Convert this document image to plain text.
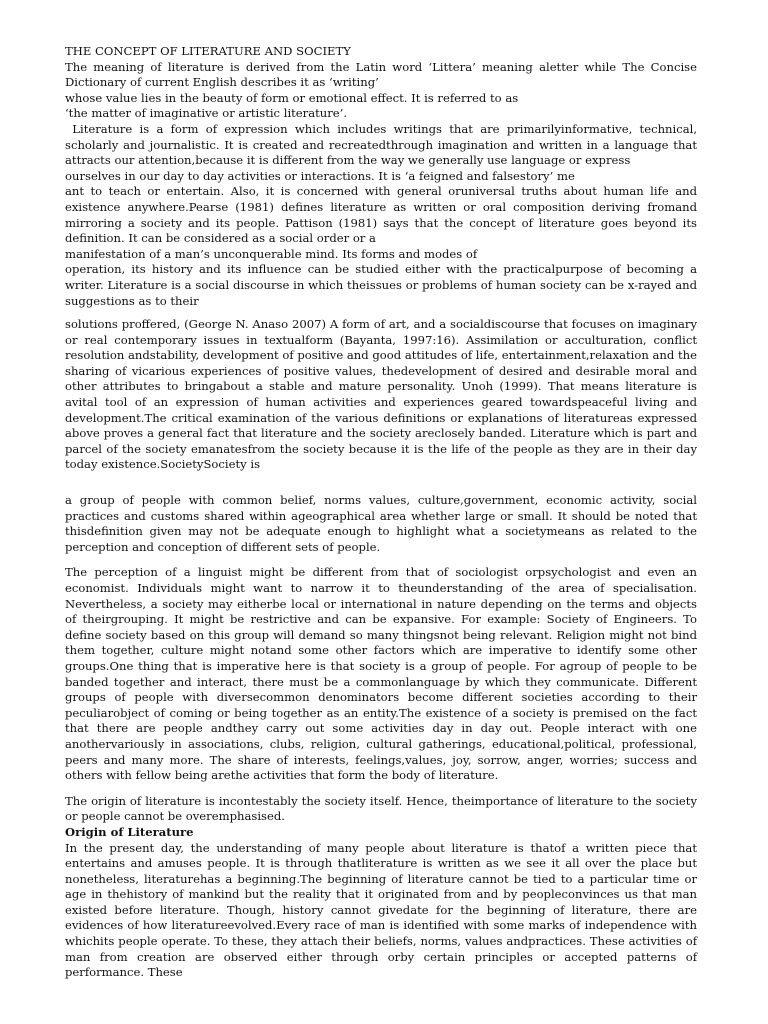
THE CONCEPT OF LITERATURE AND SOCIETY

The meaning of literature is derived from the Latin word ‘Littera’ meaning aletter while The Concise Dictionary of current English describes it as ‘writing’

whose value lies in the beauty of form or emotional effect. It is referred to as

‘the matter of imaginative or artistic literature’.

Literature is a form of expression which includes writings that are primarilyinformative, technical, scholarly and journalistic. It is created and recreatedthrough imagination and written in a language that attracts our attention,because it is different from the way we generally use language or express

ourselves in our day to day activities or interactions. It is ‘a feigned and falsestory’ me

ant to teach or entertain. Also, it is concerned with general oruniversal truths about human life and existence anywhere.Pearse (1981) defines literature as written or oral composition deriving fromand mirroring a society and its people. Pattison (1981) says that the concept of literature goes beyond its definition. It can be considered as a social order or a

manifestation of a man’s unconquerable mind. Its forms and modes of

operation, its history and its influence can be studied either with the practicalpurpose of becoming a writer. Literature is a social discourse in which theissues or problems of human society can be x-rayed and suggestions as to their

solutions proffered, (George N. Anaso 2007) A form of art, and a socialdiscourse that focuses on imaginary or real contemporary issues in textualform (Bayanta, 1997:16). Assimilation or acculturation, conflict resolution andstability, development of positive and good attitudes of life, entertainment,relaxation and the sharing of vicarious experiences of positive values, thedevelopment of desired and desirable moral and other attributes to bringabout a stable and mature personality. Unoh (1999). That means literature is avital tool of an expression of human activities and experiences geared towardspeaceful living and development.The critical examination of the various definitions or explanations of literatureas expressed above proves a general fact that literature and the society areclosely banded. Literature which is part and parcel of the society emanatesfrom the society because it is the life of the people as they are in their day today existence.SocietySociety is

a group of people with common belief, norms values, culture,government, economic activity, social practices and customs shared within ageographical area whether large or small. It should be noted that thisdefinition given may not be adequate enough to highlight what a societymeans as related to the perception and conception of different sets of people.

The perception of a linguist might be different from that of sociologist orpsychologist and even an economist. Individuals might want to narrow it to theunderstanding of the area of specialisation. Nevertheless, a society may eitherbe local or international in nature depending on the terms and objects of theirgrouping. It might be restrictive and can be expansive. For example: Society of Engineers. To define society based on this group will demand so many thingsnot being relevant. Religion might not bind them together, culture might notand some other factors which are imperative to identify some other groups.One thing that is imperative here is that society is a group of people. For agroup of people to be banded together and interact, there must be a commonlanguage by which they communicate. Different groups of people with diversecommon denominators become different societies according to their peculiarobject of coming or being together as an entity.The existence of a society is premised on the fact that there are people andthey carry out some activities day in day out. People interact with one anothervariously in associations, clubs, religion, cultural gatherings, educational,political, professional, peers and many more. The share of interests, feelings,values, joy, sorrow, anger, worries; success and others with fellow being arethe activities that form the body of literature.

The origin of literature is incontestably the society itself. Hence, theimportance of literature to the society or people cannot be overemphasised.

Origin of Literature

In the present day, the understanding of many people about literature is thatof a written piece that entertains and amuses people. It is through thatliterature is written as we see it all over the place but nonetheless, literaturehas a beginning.The beginning of literature cannot be tied to a particular time or age in thehistory of mankind but the reality that it originated from and by peopleconvinces us that man existed before literature. Though, history cannot givedate for the beginning of literature, there are evidences of how literatureevolved.Every race of man is identified with some marks of independence with whichits people operate. To these, they attach their beliefs, norms, values andpractices. These activities of man from creation are observed either through orby certain principles or accepted patterns of performance. These
